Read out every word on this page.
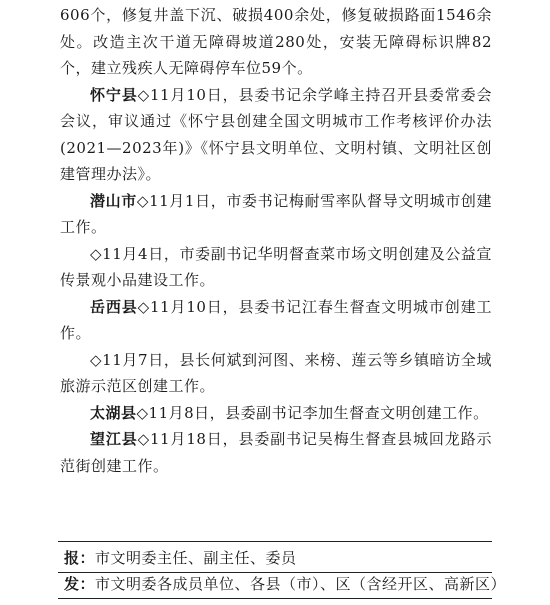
606个，修复井盖下沉、破损400余处，修复破损路面1546余处。改造主次干道无障碍坡道280处，安装无障碍标识牌82个，建立残疾人无障碍停车位59个。

怀宁县◇11月10日，县委书记余学峰主持召开县委常委会会议，审议通过《怀宁县创建全国文明城市工作考核评价办法(2021—2023年)》《怀宁县文明单位、文明村镇、文明社区创建管理办法》。

潜山市◇11月1日，市委书记梅耐雪率队督导文明城市创建工作。

◇11月4日，市委副书记华明督查菜市场文明创建及公益宣传景观小品建设工作。

岳西县◇11月10日，县委书记江春生督查文明城市创建工作。

◇11月7日，县长何斌到河图、来榜、莲云等乡镇暗访全域旅游示范区创建工作。

太湖县◇11月8日，县委副书记李加生督查文明创建工作。

望江县◇11月18日，县委副书记吴梅生督查县城回龙路示范街创建工作。

报：市文明委主任、副主任、委员
发：市文明委各成员单位、各县（市）、区（含经开区、高新区）
